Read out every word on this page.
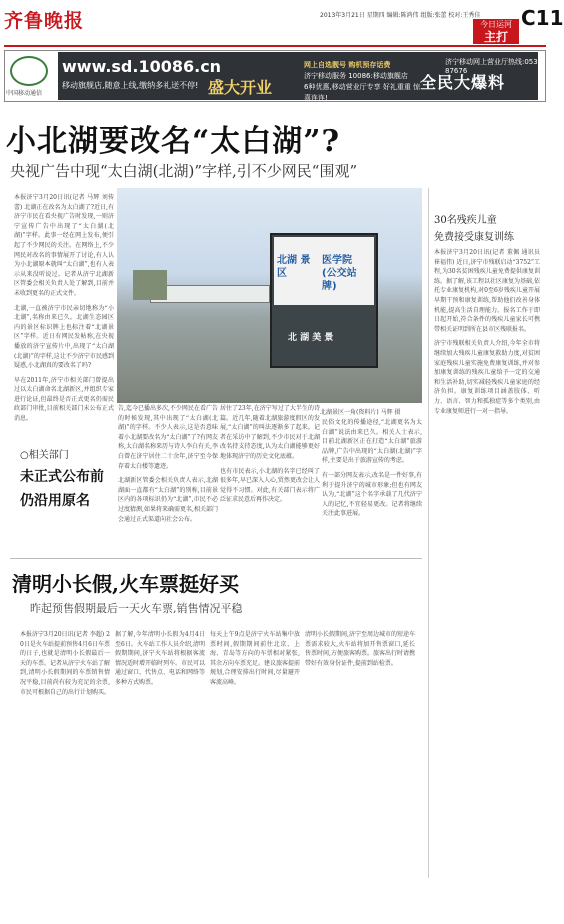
齐鲁晚报	2013年3月21日 星期四 编辑:陈鸿伟 组版:张蕾 校对:王秀佳
今日运河
主打
C11
中国移动通信
www.sd.10086.cn
移动旗舰店,随意上线,缴纳多礼送不停! 盛大开业
网上自选靓号 购机预存话费
济宁移动服务 10086:移动旗舰店
6种优惠,移动营业厅专享 好礼重重 惊喜连连!
济宁移动网上营业厅热线:0537-87676
全民大爆料
小北湖要改名“太白湖”?
央视广告中现“太白湖(北湖)”字样,引不少网民“围观”

本报济宁3月20日讯(记者 马辉 刘传蕾) 北湖正在改名为太白湖了?近日,有济宁市民在看央视广告时发现,一则济宁宣传广告中出现了“太白湖(北湖)”字样。此事一经在网上发布,便引起了不少网民的关注。在网络上,不少网民对改名的事情展开了讨论,有人认为小北湖原本就叫“太白湖”,也有人表示从来没听说过。记者从济宁北湖新区管委会相关负责人处了解到,目前并未收到更名的正式文件。

北湖,一直被济宁市民亲切地称为“小北湖”,名称由来已久。北湖生态园区内的景区标识牌上也标注着“北湖景区”字样。近日有网民发帖称,在央视播放的济宁宣传片中,出现了“太白湖(北湖)”的字样,这让不少济宁市民感到疑惑,小北湖真的要改名了吗?

早在2011年,济宁市相关部门曾提出过以太白湖命名北湖新区,并组织专家进行论证,但最终是否正式更名仍需民政部门审批,目前相关部门未公布正式消息。

北湖 景区
医学院 (公交站牌)
北 湖 美 景
北湖景区一角(资料片) 马辉 摄

告,迄今已播出多次,不少网民在看广告的时候发现,其中出现了“太白湖(北湖)”的字样。不少人表示,这是否意味着小北湖要改名为“太白湖”了?有网友称,太白湖名称来历与诗人李白有关,李白曾在济宁居住二十余年,济宁至今保存着太白楼等遗迹。

北湖新区管委会相关负责人表示,北湖湖面一直都有“太白湖”的别称,目前景区内的各项标识仍为“北湖”,市民不必过度猜测,如果将来确需更名,相关部门会通过正式渠道向社会公布。

居住了23年,在济宁写过了大半生的诗篇。近几年,随着北湖旅游度假区的发展,“太白湖”的叫法逐渐多了起来。记者在采访中了解到,不少市民对于北湖改名持支持态度,认为太白湖能够更好地体现济宁的历史文化底蕴。

也有市民表示,小北湖的名字已经叫了很多年,早已深入人心,贸然更改会让人觉得不习惯。对此,有关部门表示将广泛征求民意后再作决定。

民俗文化的传播途径,“北湖更名为太白湖”说法由来已久。相关人士表示,目前北湖新区正在打造“太白湖”旅游品牌,广告中出现的“太白湖(北湖)”字样,主要是出于旅游宣传的考虑。

有一部分网友表示,改名是一件好事,有利于提升济宁的城市形象;但也有网友认为,“北湖”这个名字承载了几代济宁人的记忆,不宜轻易更改。记者将继续关注此事进展。

○相关部门
未正式公布前
仍沿用原名
30名残疾儿童
免费接受康复训练

本报济宁3月20日讯(记者 董佩 通讯员 崔福伟) 近日,济宁市残联启动“3752”工程,为30名贫困残疾儿童免费提供康复训练。据了解,该工程以社区康复为基础,依托专业康复机构,对0至6岁残疾儿童开展早期干预和康复训练,帮助他们改善身体机能,提高生活自理能力。报名工作于即日起开始,符合条件的残疾儿童家长可携带相关证明到所在县市区残联报名。

济宁市残联相关负责人介绍,今年全市将继续加大残疾儿童康复救助力度,对贫困家庭残疾儿童实施免费康复训练,并对参加康复训练的残疾儿童给予一定的交通和生活补助,切实减轻残疾儿童家庭的经济负担。康复训练项目涵盖肢体、听力、语言、智力和孤独症等多个类别,由专业康复师进行一对一指导。

清明小长假,火车票挺好买
昨起预售假期最后一天火车票,销售情况平稳
本报济宁3月20日讯(记者 李超) 20日是火车站提前预售4月6日车票的日子,也就是清明小长假最后一天的车票。记者从济宁火车站了解到,清明小长假期间的车票销售情况平稳,目前尚有较为充足的余票,市民可根据自己的出行计划购买。
据了解,今年清明小长假为4月4日至6日。火车站工作人员介绍,清明假期期间,济宁火车站将根据客流情况适时增开临时列车。市民可以通过窗口、代售点、电话和网络等多种方式购票。
每天上午9点是济宁火车站集中放票时间,假期期间前往北京、上海、青岛等方向的车票相对紧张,其余方向车票充足。建议旅客提前规划,合理安排出行时间,尽量避开客流高峰。
清明小长假期间,济宁至周边城市的短途车票需求较大,火车站将加开售票窗口,延长售票时间,方便旅客购票。旅客出行时请携带好有效身份证件,提前到站检票。
